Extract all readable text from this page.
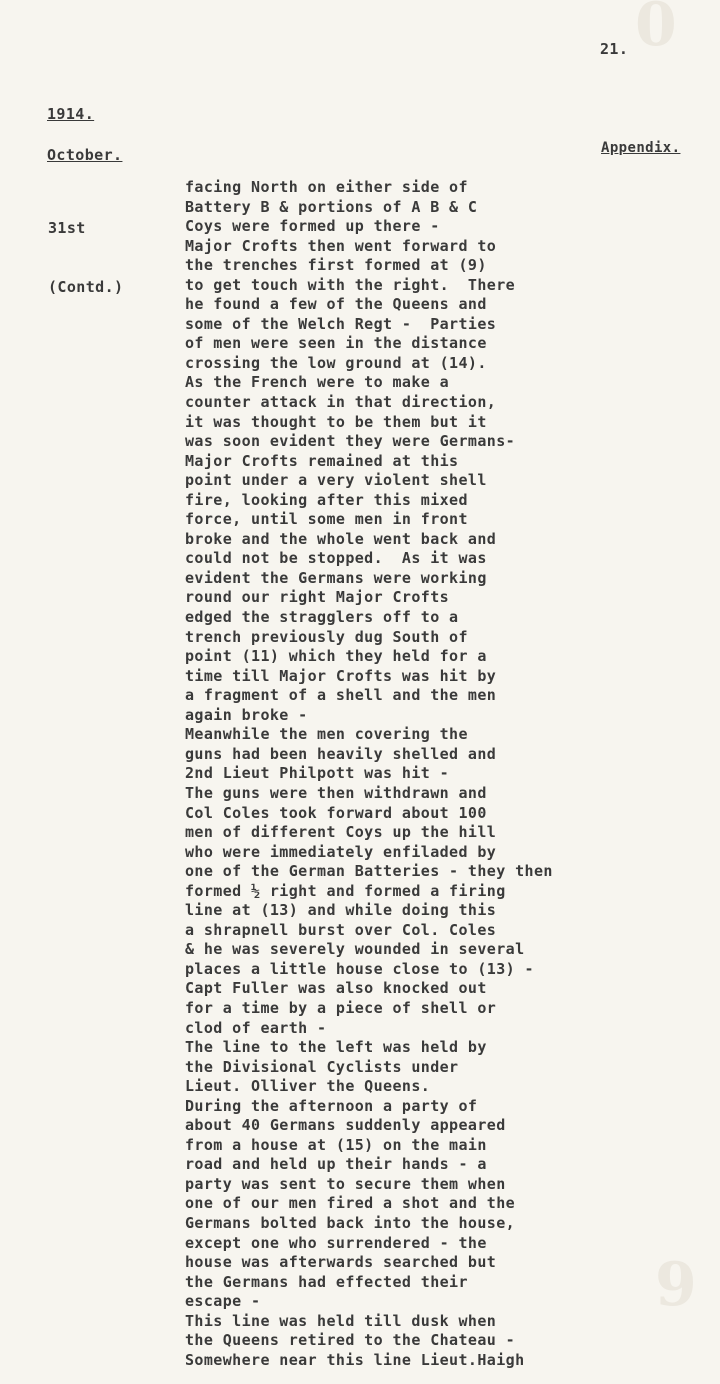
0
9
21.
1914.
October.	Appendix.

31st

(Contd.)

facing North on either side of
Battery B & portions of A B & C
Coys were formed up there -
Major Crofts then went forward to
the trenches first formed at (9)
to get touch with the right.  There
he found a few of the Queens and
some of the Welch Regt -  Parties
of men were seen in the distance
crossing the low ground at (14).
As the French were to make a
counter attack in that direction,
it was thought to be them but it
was soon evident they were Germans-
Major Crofts remained at this
point under a very violent shell
fire, looking after this mixed
force, until some men in front
broke and the whole went back and
could not be stopped.  As it was
evident the Germans were working
round our right Major Crofts
edged the stragglers off to a
trench previously dug South of
point (11) which they held for a
time till Major Crofts was hit by
a fragment of a shell and the men
again broke -
Meanwhile the men covering the
guns had been heavily shelled and
2nd Lieut Philpott was hit -
The guns were then withdrawn and
Col Coles took forward about 100
men of different Coys up the hill
who were immediately enfiladed by
one of the German Batteries - they then
formed ½ right and formed a firing
line at (13) and while doing this
a shrapnell burst over Col. Coles
& he was severely wounded in several
places a little house close to (13) -
Capt Fuller was also knocked out
for a time by a piece of shell or
clod of earth -
The line to the left was held by
the Divisional Cyclists under
Lieut. Olliver the Queens.
During the afternoon a party of
about 40 Germans suddenly appeared
from a house at (15) on the main
road and held up their hands - a
party was sent to secure them when
one of our men fired a shot and the
Germans bolted back into the house,
except one who surrendered - the
house was afterwards searched but
the Germans had effected their
escape -
This line was held till dusk when
the Queens retired to the Chateau -
Somewhere near this line Lieut.Haigh
